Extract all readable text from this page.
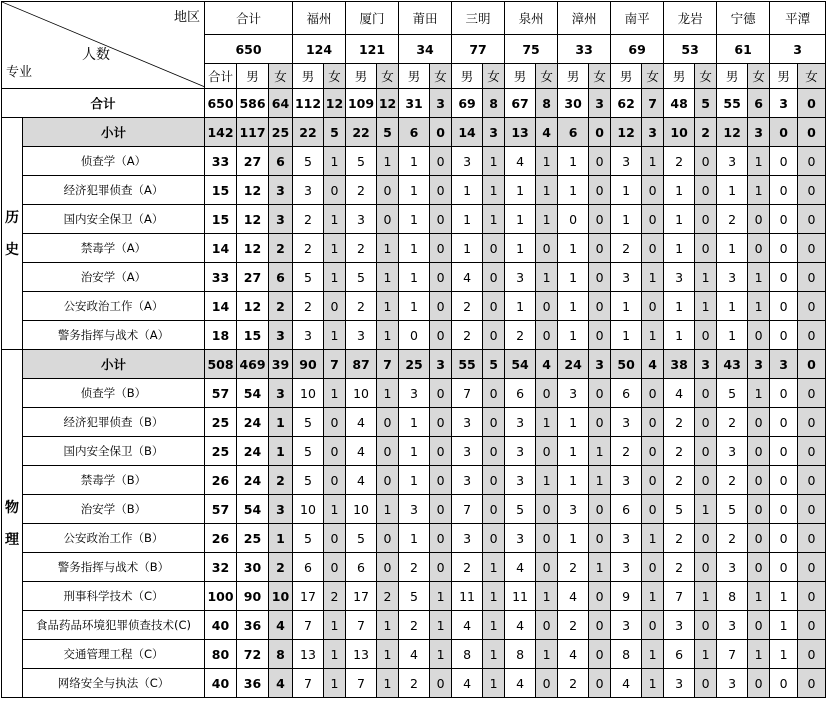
地区
人数
专业		合计			福州		厦门		莆田		三明		泉州		漳州		南平		龙岩		宁德		平潭	
		650			124		121		34		77		75		33		69		53		61		3	
		合计	男	女	男	女	男	女	男	女	男	女	男	女	男	女	男	女	男	女	男	女	男	女
合计		650	586	64	112	12	109	12	31	3	69	8	67	8	30	3	62	7	48	5	55	6	3	0
历史	小计	142	117	25	22	5	22	5	6	0	14	3	13	4	6	0	12	3	10	2	12	3	0	0
	侦查学（A）	33	27	6	5	1	5	1	1	0	3	1	4	1	1	0	3	1	2	0	3	1	0	0
	经济犯罪侦查（A）	15	12	3	3	0	2	0	1	0	1	1	1	1	1	0	1	0	1	0	1	1	0	0
	国内安全保卫（A）	15	12	3	2	1	3	0	1	0	1	1	1	1	0	0	1	0	1	0	2	0	0	0
	禁毒学（A）	14	12	2	2	1	2	1	1	0	1	0	1	0	1	0	2	0	1	0	1	0	0	0
	治安学（A）	33	27	6	5	1	5	1	1	0	4	0	3	1	1	0	3	1	3	1	3	1	0	0
	公安政治工作（A）	14	12	2	2	0	2	1	1	0	2	0	1	0	1	0	1	0	1	1	1	1	0	0
	警务指挥与战术（A）	18	15	3	3	1	3	1	0	0	2	0	2	0	1	0	1	1	1	0	1	0	0	0
物理	小计	508	469	39	90	7	87	7	25	3	55	5	54	4	24	3	50	4	38	3	43	3	3	0
	侦查学（B）	57	54	3	10	1	10	1	3	0	7	0	6	0	3	0	6	0	4	0	5	1	0	0
	经济犯罪侦查（B）	25	24	1	5	0	4	0	1	0	3	0	3	1	1	0	3	0	2	0	2	0	0	0
	国内安全保卫（B）	25	24	1	5	0	4	0	1	0	3	0	3	0	1	1	2	0	2	0	3	0	0	0
	禁毒学（B）	26	24	2	5	0	4	0	1	0	3	0	3	1	1	1	3	0	2	0	2	0	0	0
	治安学（B）	57	54	3	10	1	10	1	3	0	7	0	5	0	3	0	6	0	5	1	5	0	0	0
	公安政治工作（B）	26	25	1	5	0	5	0	1	0	3	0	3	0	1	0	3	1	2	0	2	0	0	0
	警务指挥与战术（B）	32	30	2	6	0	6	0	2	0	2	1	4	0	2	1	3	0	2	0	3	0	0	0
	刑事科学技术（C）	100	90	10	17	2	17	2	5	1	11	1	11	1	4	0	9	1	7	1	8	1	1	0
	食品药品环境犯罪侦查技术(C)	40	36	4	7	1	7	1	2	1	4	1	4	0	2	0	3	0	3	0	3	0	1	0
	交通管理工程（C）	80	72	8	13	1	13	1	4	1	8	1	8	1	4	0	8	1	6	1	7	1	1	0
	网络安全与执法（C）	40	36	4	7	1	7	1	2	0	4	1	4	0	2	0	4	1	3	0	3	0	0	0
